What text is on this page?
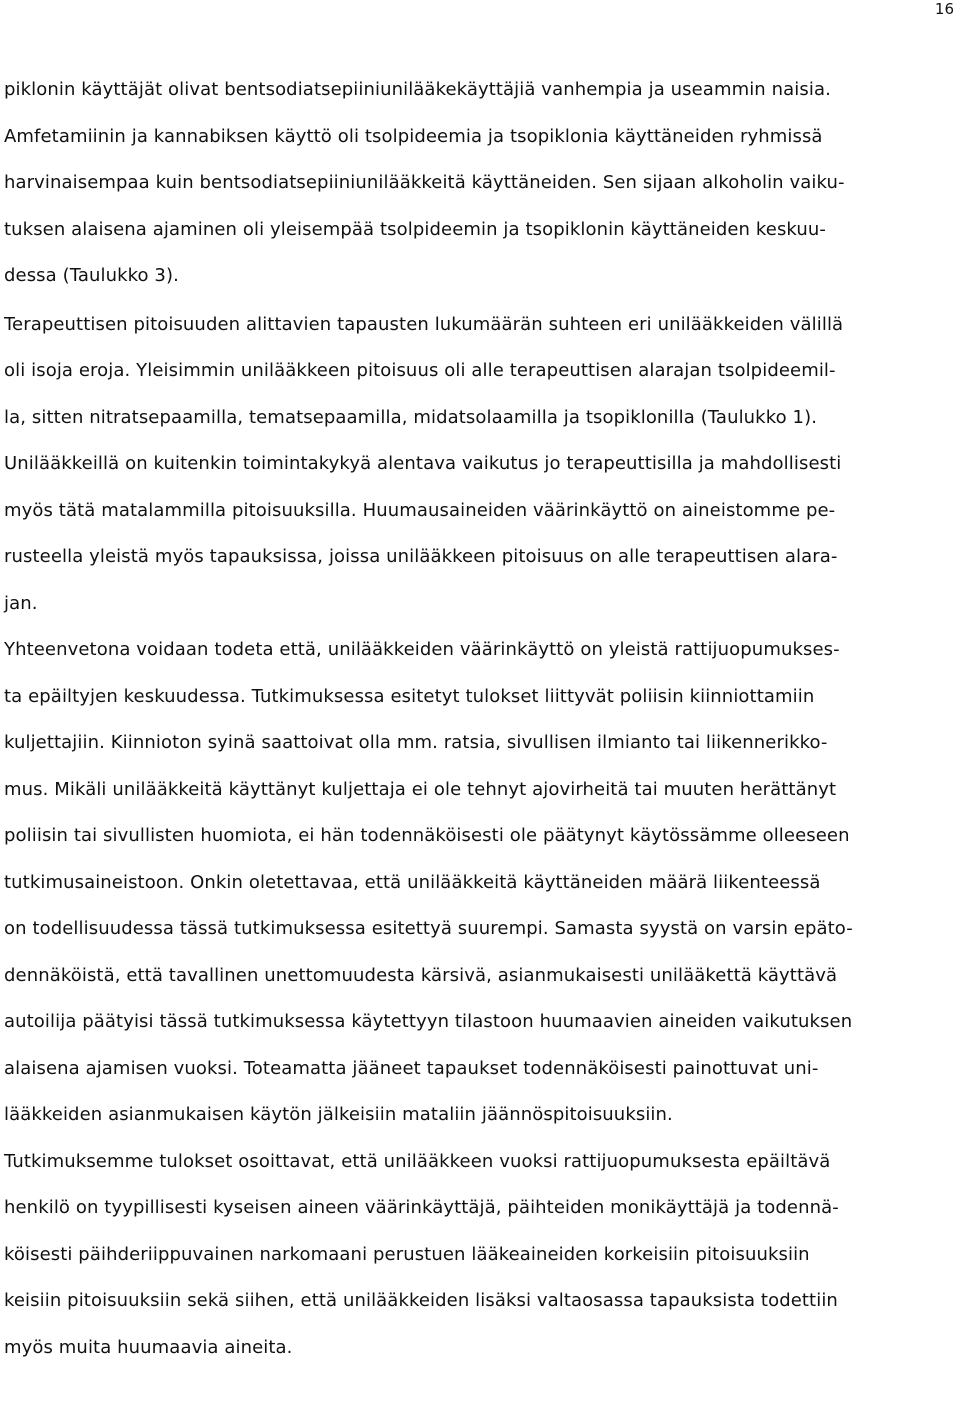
16
piklonin käyttäjät olivat bentsodiatsepiiniunilääkekäyttäjiä vanhempia ja useammin naisia.
Amfetamiinin ja kannabiksen käyttö oli tsolpideemia ja tsopiklonia käyttäneiden ryhmissä
harvinaisempaa kuin bentsodiatsepiiniunilääkkeitä käyttäneiden. Sen sijaan alkoholin vaiku-
tuksen alaisena ajaminen oli yleisempää tsolpideemin ja tsopiklonin käyttäneiden keskuu-
dessa (Taulukko 3).
Terapeuttisen pitoisuuden alittavien tapausten lukumäärän suhteen eri unilääkkeiden välillä
oli isoja eroja. Yleisimmin unilääkkeen pitoisuus oli alle terapeuttisen alarajan tsolpideemil-
la, sitten nitratsepaamilla, tematsepaamilla, midatsolaamilla ja tsopiklonilla (Taulukko 1).
Unilääkkeillä on kuitenkin toimintakykyä alentava vaikutus jo terapeuttisilla ja mahdollisesti
myös tätä matalammilla pitoisuuksilla. Huumausaineiden väärinkäyttö on aineistomme pe-
rusteella yleistä myös tapauksissa, joissa unilääkkeen pitoisuus on alle terapeuttisen alara-
jan.
Yhteenvetona voidaan todeta että, unilääkkeiden väärinkäyttö on yleistä rattijuopumukses-
ta epäiltyjen keskuudessa. Tutkimuksessa esitetyt tulokset liittyvät poliisin kiinniottamiin
kuljettajiin. Kiinnioton syinä saattoivat olla mm. ratsia, sivullisen ilmianto tai liikennerikko-
mus. Mikäli unilääkkeitä käyttänyt kuljettaja ei ole tehnyt ajovirheitä tai muuten herättänyt
poliisin tai sivullisten huomiota, ei hän todennäköisesti ole päätynyt käytössämme olleeseen
tutkimusaineistoon. Onkin oletettavaa, että unilääkkeitä käyttäneiden määrä liikenteessä
on todellisuudessa tässä tutkimuksessa esitettyä suurempi. Samasta syystä on varsin epäto-
dennäköistä, että tavallinen unettomuudesta kärsivä, asianmukaisesti unilääkettä käyttävä
autoilija päätyisi tässä tutkimuksessa käytettyyn tilastoon huumaavien aineiden vaikutuksen
alaisena ajamisen vuoksi. Toteamatta jääneet tapaukset todennäköisesti painottuvat uni-
lääkkeiden asianmukaisen käytön jälkeisiin mataliin jäännöspitoisuuksiin.
Tutkimuksemme tulokset osoittavat, että unilääkkeen vuoksi rattijuopumuksesta epäiltävä
henkilö on tyypillisesti kyseisen aineen väärinkäyttäjä, päihteiden monikäyttäjä ja todennä-
köisesti päihderiippuvainen narkomaani perustuen lääkeaineiden korkeisiin pitoisuuksiin
keisiin pitoisuuksiin sekä siihen, että unilääkkeiden lisäksi valtaosassa tapauksista todettiin
myös muita huumaavia aineita.
